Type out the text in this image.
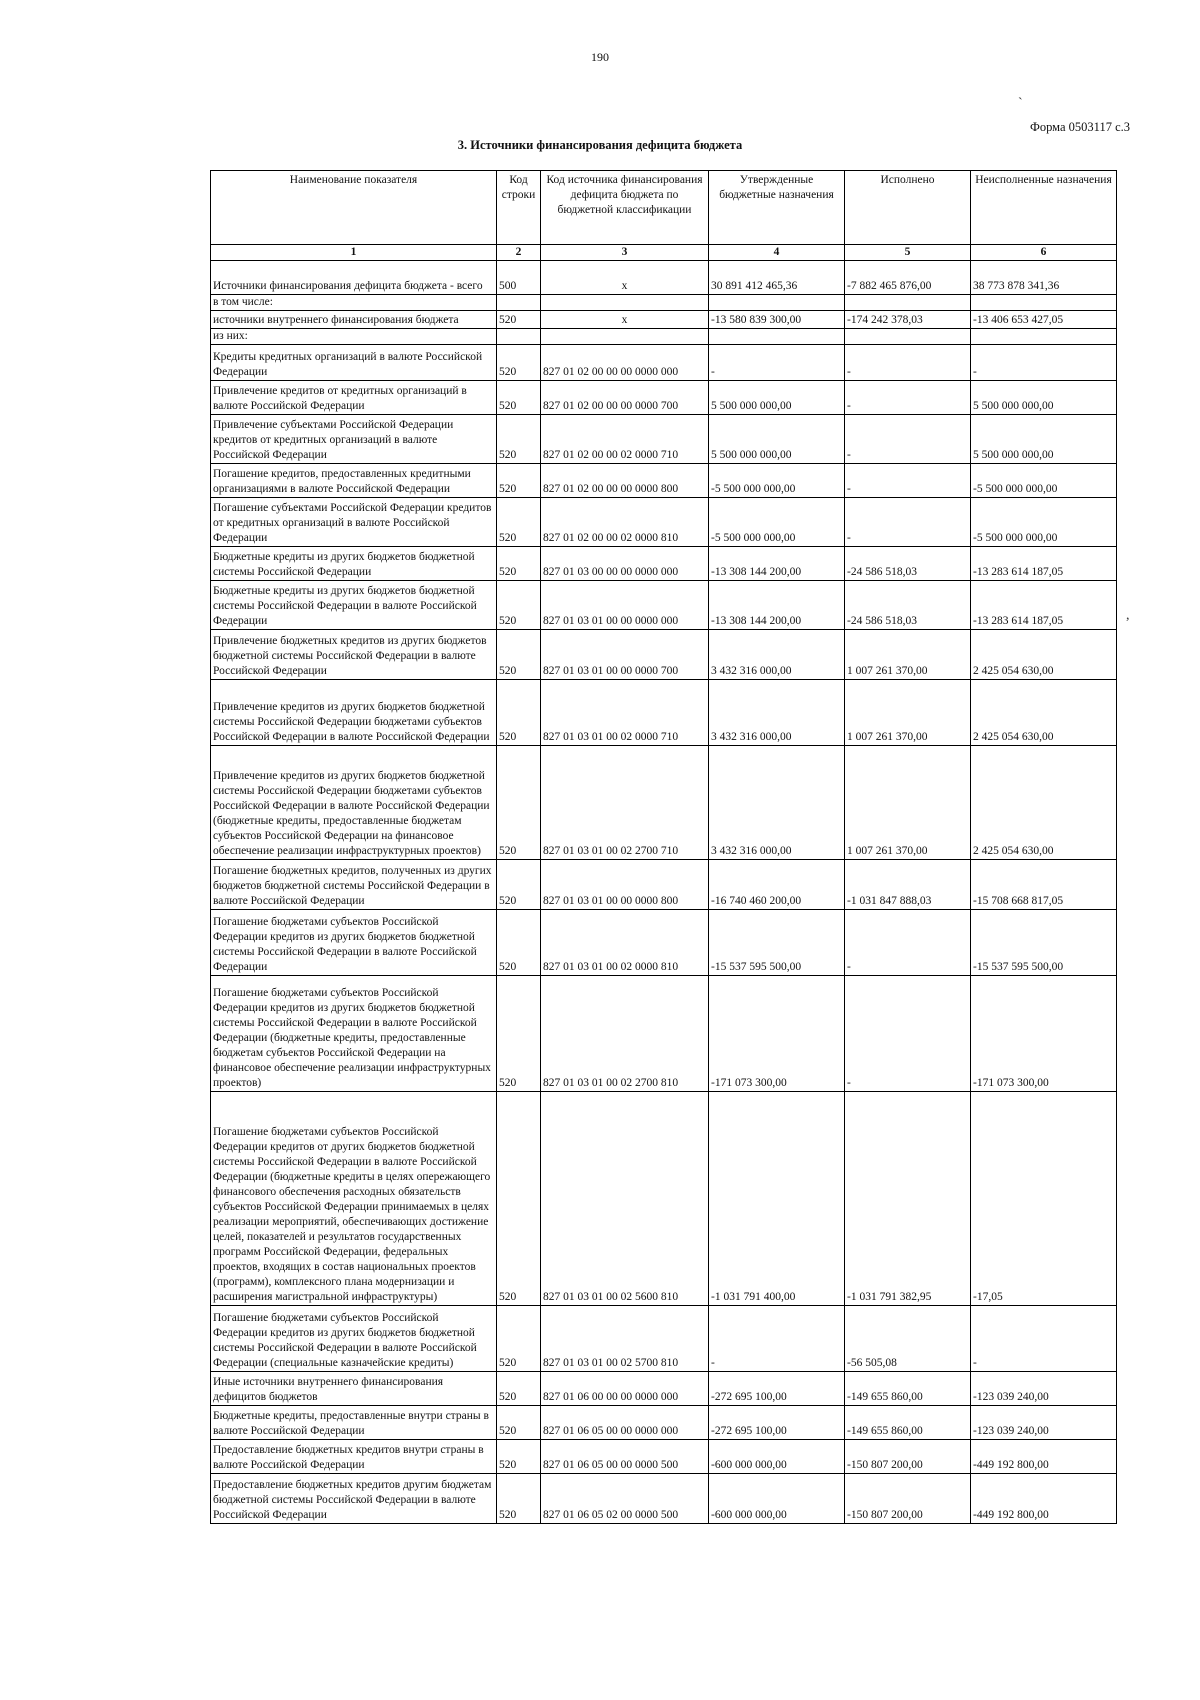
190
`
,
Форма 0503117 с.3
3. Источники финансирования дефицита бюджета
Наименование показателя	Код строки	Код источника финансирования дефицита бюджета по бюджетной классификации	Утвержденные бюджетные назначения	Исполнено	Неисполненные назначения
1	2	3	4	5	6
Источники финансирования дефицита бюджета - всего	500	x	30 891 412 465,36	-7 882 465 876,00	38 773 878 341,36
в том числе:					
источники внутреннего финансирования бюджета	520	x	-13 580 839 300,00	-174 242 378,03	-13 406 653 427,05
из них:					
Кредиты кредитных организаций в валюте Российской Федерации	520	827 01 02 00 00 00 0000 000	-	-	-
Привлечение кредитов от кредитных организаций в валюте Российской Федерации	520	827 01 02 00 00 00 0000 700	5 500 000 000,00	-	5 500 000 000,00
Привлечение субъектами Российской Федерации кредитов от кредитных организаций в валюте Российской Федерации	520	827 01 02 00 00 02 0000 710	5 500 000 000,00	-	5 500 000 000,00
Погашение кредитов, предоставленных кредитными организациями в валюте Российской Федерации	520	827 01 02 00 00 00 0000 800	-5 500 000 000,00	-	-5 500 000 000,00
Погашение субъектами Российской Федерации кредитов от кредитных организаций в валюте Российской Федерации	520	827 01 02 00 00 02 0000 810	-5 500 000 000,00	-	-5 500 000 000,00
Бюджетные кредиты из других бюджетов бюджетной системы Российской Федерации	520	827 01 03 00 00 00 0000 000	-13 308 144 200,00	-24 586 518,03	-13 283 614 187,05
Бюджетные кредиты из других бюджетов бюджетной системы Российской Федерации в валюте Российской Федерации	520	827 01 03 01 00 00 0000 000	-13 308 144 200,00	-24 586 518,03	-13 283 614 187,05
Привлечение бюджетных кредитов из других бюджетов бюджетной системы Российской Федерации в валюте Российской Федерации	520	827 01 03 01 00 00 0000 700	3 432 316 000,00	1 007 261 370,00	2 425 054 630,00
Привлечение кредитов из других бюджетов бюджетной системы Российской Федерации бюджетами субъектов Российской Федерации в валюте Российской Федерации	520	827 01 03 01 00 02 0000 710	3 432 316 000,00	1 007 261 370,00	2 425 054 630,00
Привлечение кредитов из других бюджетов бюджетной системы Российской Федерации бюджетами субъектов Российской Федерации в валюте Российской Федерации (бюджетные кредиты, предоставленные бюджетам субъектов Российской Федерации на финансовое обеспечение реализации инфраструктурных проектов)	520	827 01 03 01 00 02 2700 710	3 432 316 000,00	1 007 261 370,00	2 425 054 630,00
Погашение бюджетных кредитов, полученных из других бюджетов бюджетной системы Российской Федерации в валюте Российской Федерации	520	827 01 03 01 00 00 0000 800	-16 740 460 200,00	-1 031 847 888,03	-15 708 668 817,05
Погашение бюджетами субъектов Российской Федерации кредитов из других бюджетов бюджетной системы Российской Федерации в валюте Российской Федерации	520	827 01 03 01 00 02 0000 810	-15 537 595 500,00	-	-15 537 595 500,00
Погашение бюджетами субъектов Российской Федерации кредитов из других бюджетов бюджетной системы Российской Федерации в валюте Российской Федерации (бюджетные кредиты, предоставленные бюджетам субъектов Российской Федерации на финансовое обеспечение реализации инфраструктурных проектов)	520	827 01 03 01 00 02 2700 810	-171 073 300,00	-	-171 073 300,00
Погашение бюджетами субъектов Российской Федерации кредитов от других бюджетов бюджетной системы Российской Федерации в валюте Российской Федерации (бюджетные кредиты в целях опережающего финансового обеспечения расходных обязательств субъектов Российской Федерации принимаемых в целях реализации мероприятий, обеспечивающих достижение целей, показателей и результатов государственных программ Российской Федерации, федеральных проектов, входящих в состав национальных проектов (программ), комплексного плана модернизации и расширения магистральной инфраструктуры)	520	827 01 03 01 00 02 5600 810	-1 031 791 400,00	-1 031 791 382,95	-17,05
Погашение бюджетами субъектов Российской Федерации кредитов из других бюджетов бюджетной системы Российской Федерации в валюте Российской Федерации (специальные казначейские кредиты)	520	827 01 03 01 00 02 5700 810	-	-56 505,08	-
Иные источники внутреннего финансирования дефицитов бюджетов	520	827 01 06 00 00 00 0000 000	-272 695 100,00	-149 655 860,00	-123 039 240,00
Бюджетные кредиты, предоставленные внутри страны в валюте Российской Федерации	520	827 01 06 05 00 00 0000 000	-272 695 100,00	-149 655 860,00	-123 039 240,00
Предоставление бюджетных кредитов внутри страны в валюте Российской Федерации	520	827 01 06 05 00 00 0000 500	-600 000 000,00	-150 807 200,00	-449 192 800,00
Предоставление бюджетных кредитов другим бюджетам бюджетной системы Российской Федерации в валюте Российской Федерации	520	827 01 06 05 02 00 0000 500	-600 000 000,00	-150 807 200,00	-449 192 800,00
